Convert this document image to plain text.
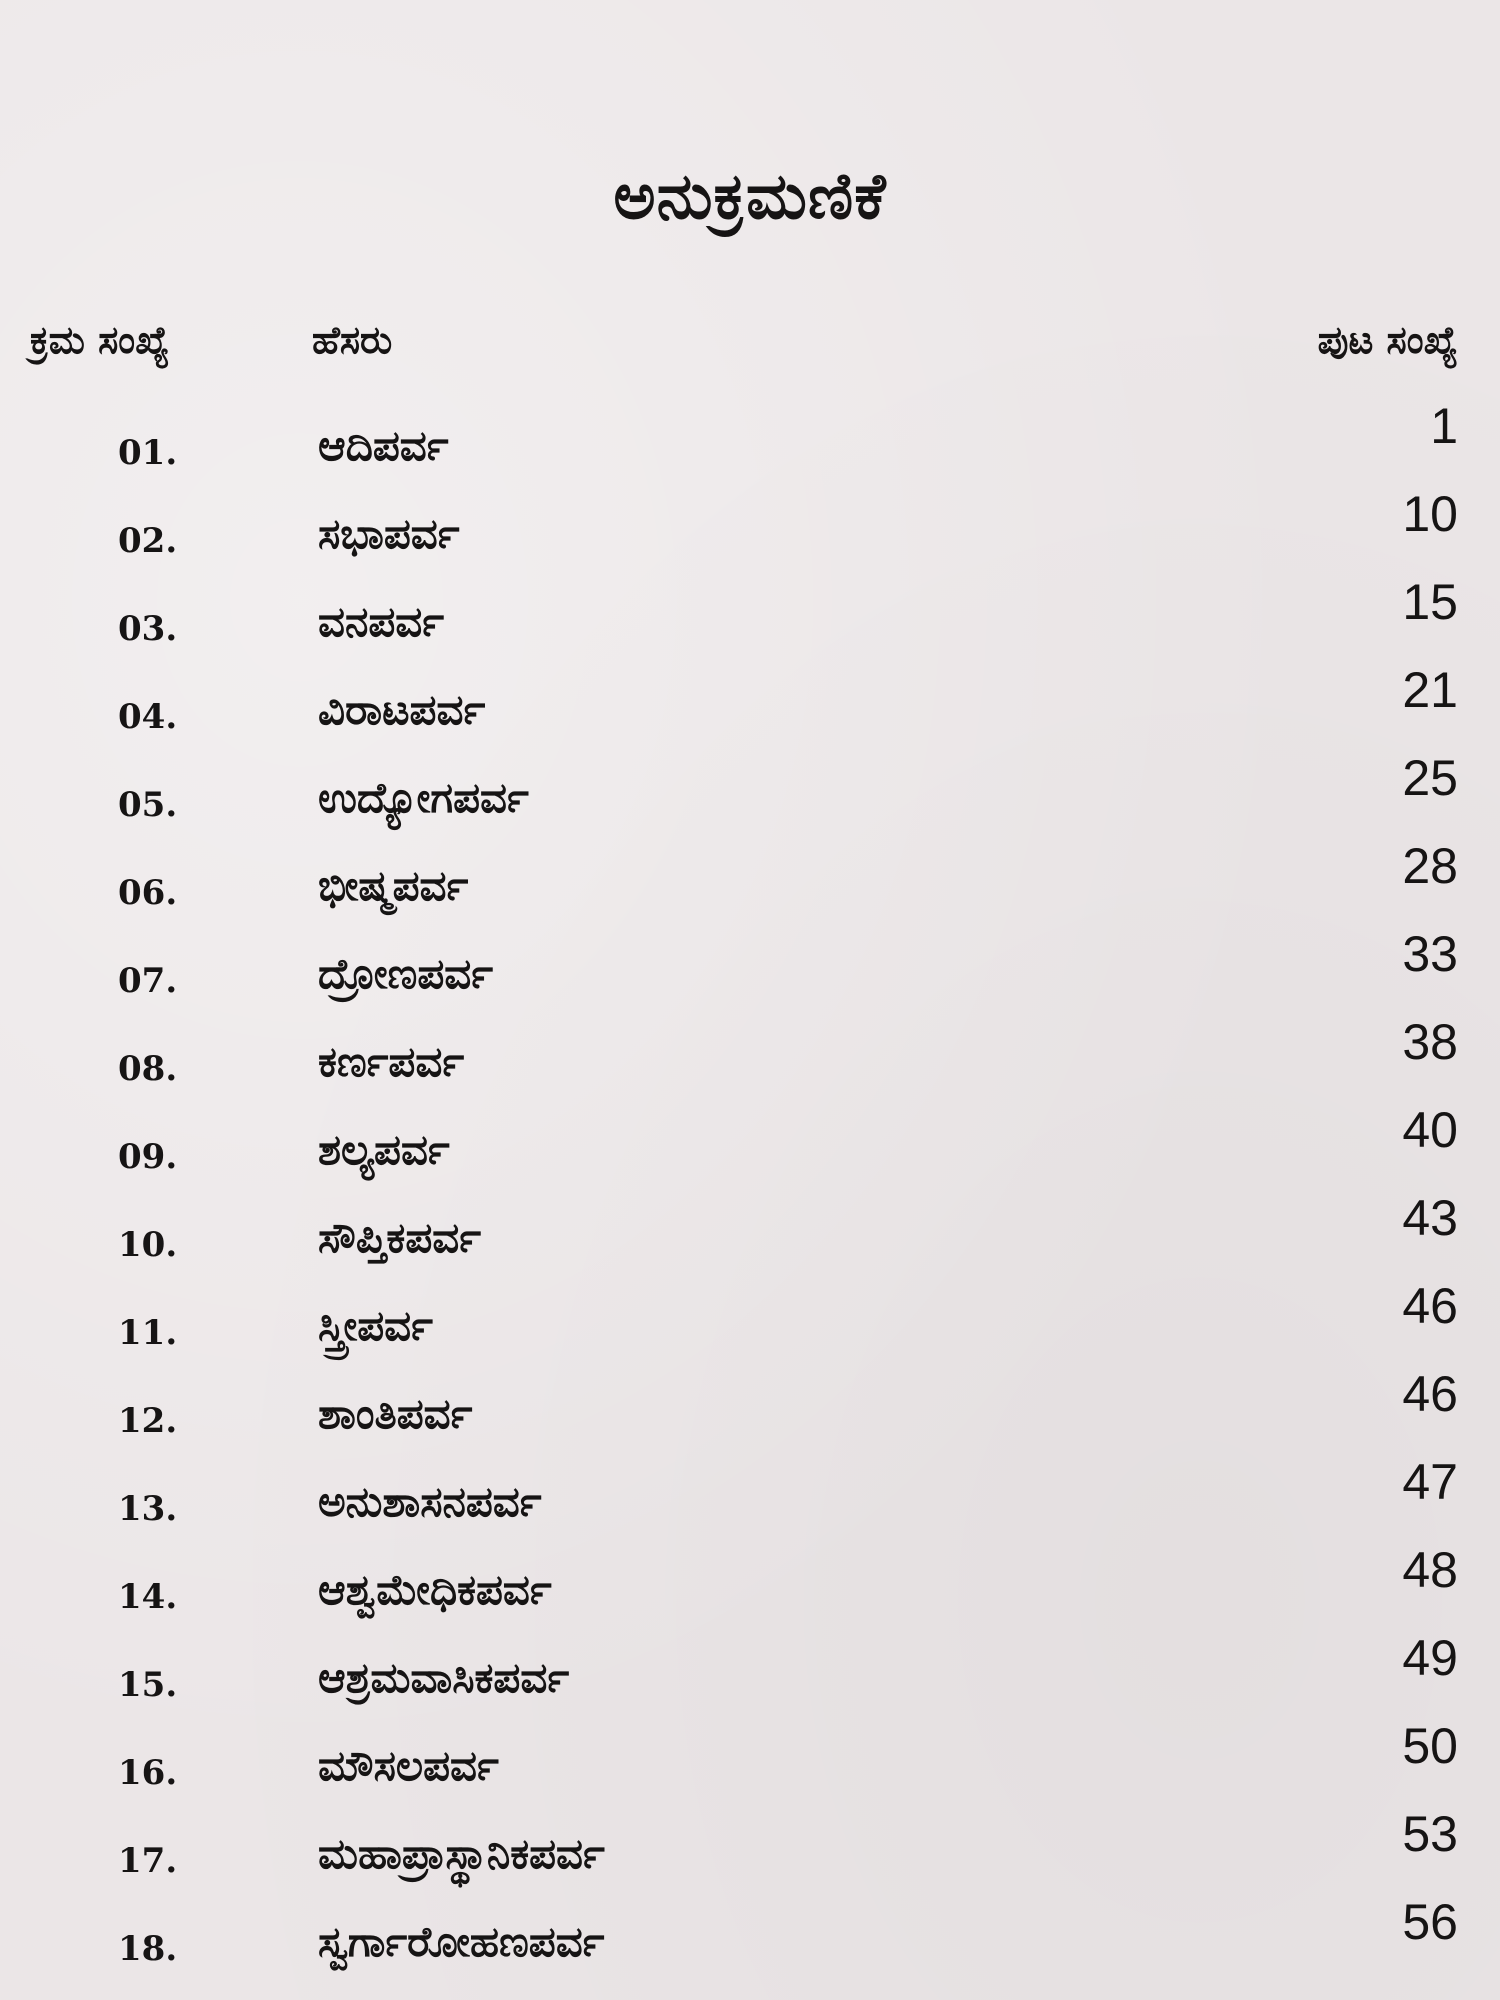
ಅನುಕ್ರಮಣಿಕೆ
ಕ್ರಮ ಸಂಖ್ಯೆ	ಹೆಸರು	ಪುಟ ಸಂಖ್ಯೆ
01.	ಆದಿಪರ್ವ	1
02.	ಸಭಾಪರ್ವ	10
03.	ವನಪರ್ವ	15
04.	ವಿರಾಟಪರ್ವ	21
05.	ಉದ್ಯೋಗಪರ್ವ	25
06.	ಭೀಷ್ಮಪರ್ವ	28
07.	ದ್ರೋಣಪರ್ವ	33
08.	ಕರ್ಣಪರ್ವ	38
09.	ಶಲ್ಯಪರ್ವ	40
10.	ಸೌಪ್ತಿಕಪರ್ವ	43
11.	ಸ್ತ್ರೀಪರ್ವ	46
12.	ಶಾಂತಿಪರ್ವ	46
13.	ಅನುಶಾಸನಪರ್ವ	47
14.	ಆಶ್ವಮೇಧಿಕಪರ್ವ	48
15.	ಆಶ್ರಮವಾಸಿಕಪರ್ವ	49
16.	ಮೌಸಲಪರ್ವ	50
17.	ಮಹಾಪ್ರಾಸ್ಥಾನಿಕಪರ್ವ	53
18.	ಸ್ವರ್ಗಾರೋಹಣಪರ್ವ	56
